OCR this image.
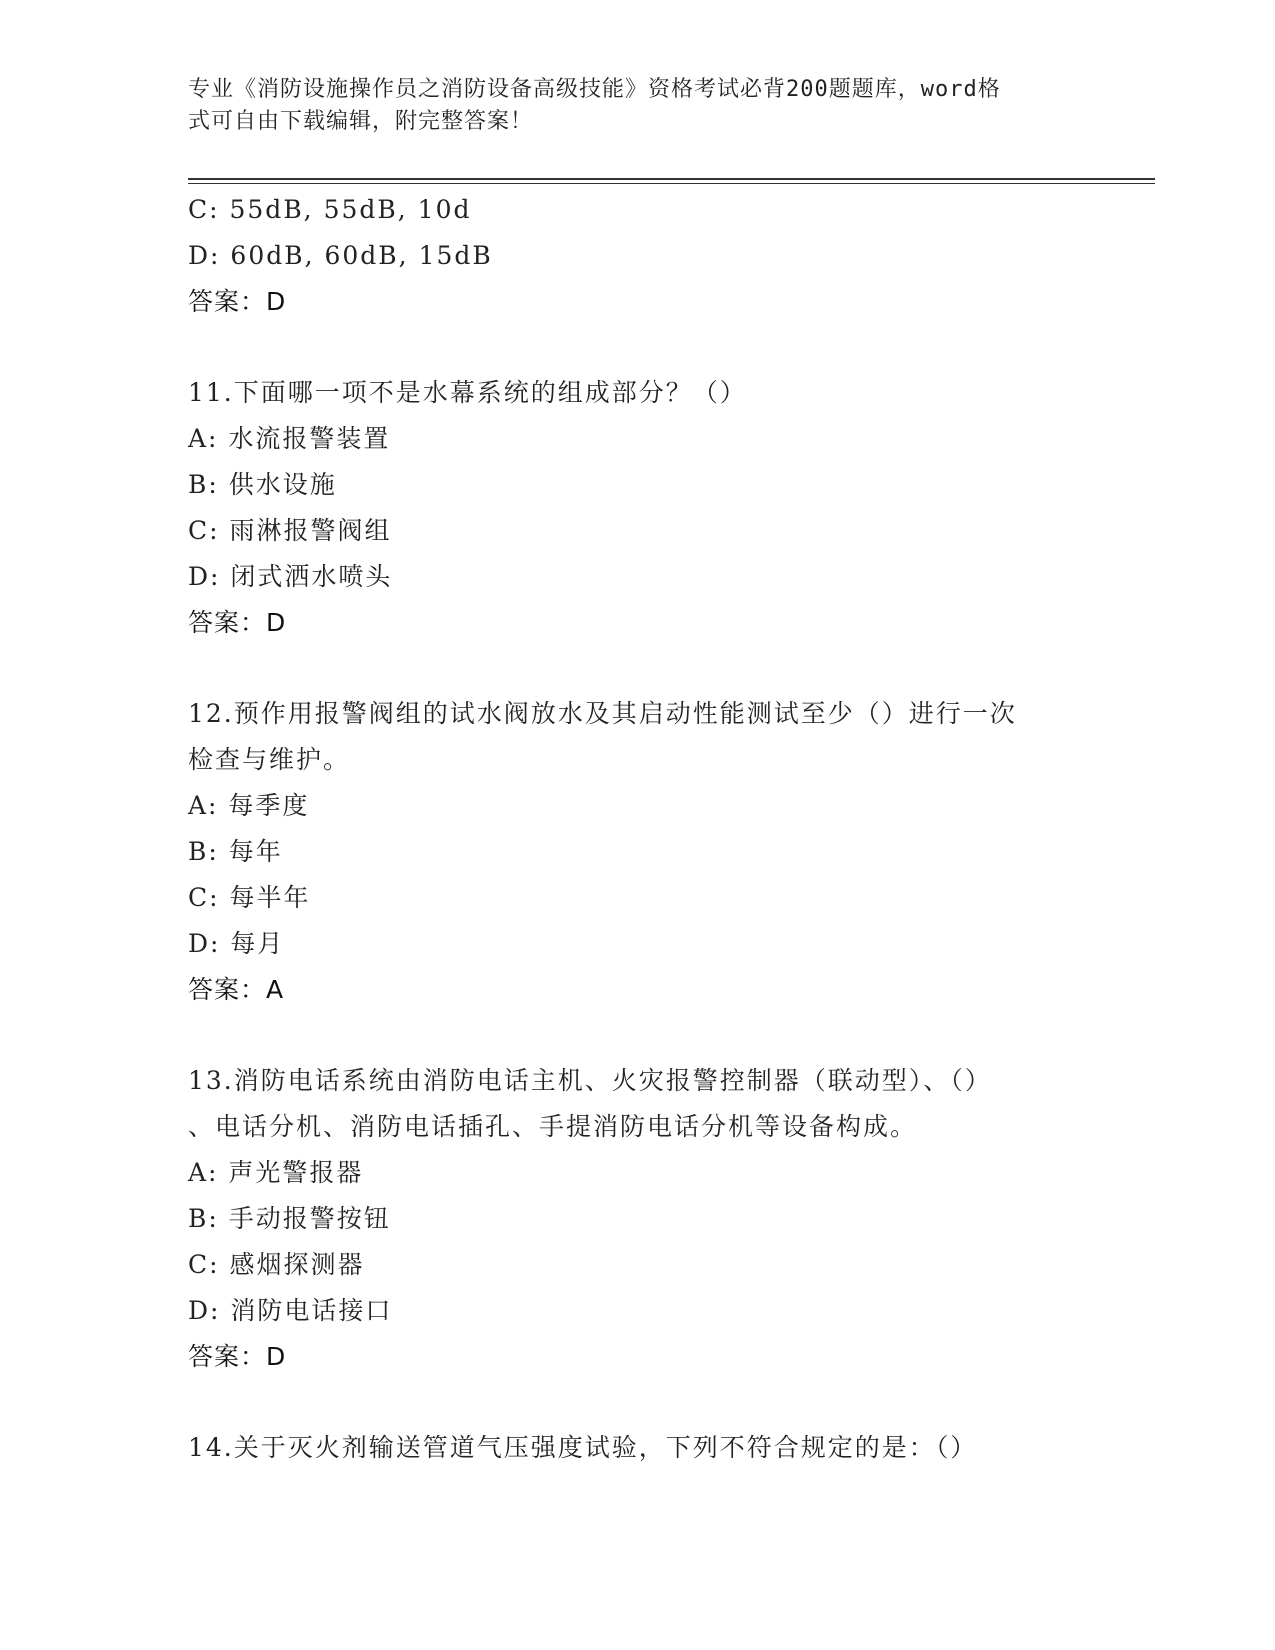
专业《消防设施操作员之消防设备高级技能》资格考试必背200题题库，word格
式可自由下载编辑，附完整答案！
C: 55dB, 55dB, 10d
D: 60dB, 60dB, 15dB
答案：D
11.下面哪一项不是水幕系统的组成部分？（）
A: 水流报警装置
B: 供水设施
C: 雨淋报警阀组
D: 闭式洒水喷头
答案：D
12.预作用报警阀组的试水阀放水及其启动性能测试至少（）进行一次
检查与维护。
A: 每季度
B: 每年
C: 每半年
D: 每月
答案：A
13.消防电话系统由消防电话主机、火灾报警控制器（联动型）、（）
、电话分机、消防电话插孔、手提消防电话分机等设备构成。
A: 声光警报器
B: 手动报警按钮
C: 感烟探测器
D: 消防电话接口
答案：D
14.关于灭火剂输送管道气压强度试验，下列不符合规定的是：（）
